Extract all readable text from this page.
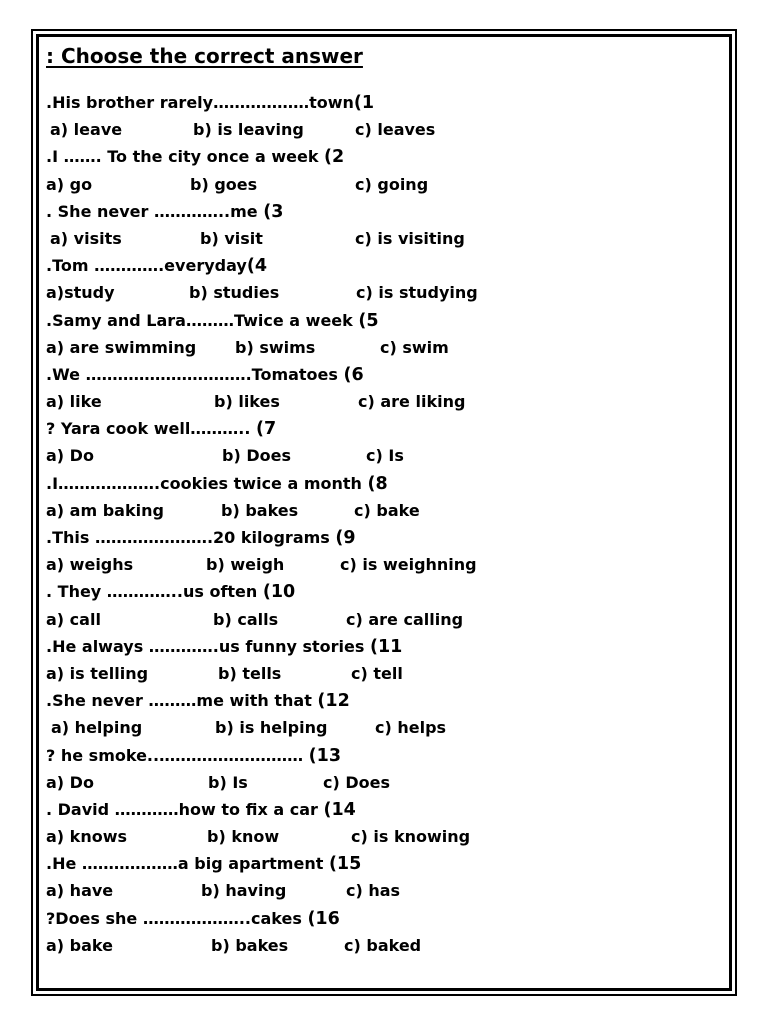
: Choose the correct answer
.His brother rarely………………town(1
a) leave	b) is leaving	c) leaves
.I ……. To the city once a week (2
a) go	b) goes	c) going
. She never …………..me (3
a) visits	b) visit	c) is visiting
.Tom ………….everyday(4
a)study	b) studies	c) is studying
.Samy and Lara………Twice a week (5
a) are swimming b) swims	c) swim
.We ………………………….Tomatoes (6
a) like	b) likes	c) are liking
? Yara cook well……….. (7
a) Do	b) Does	c) Is
.I……………….cookies twice a month (8
a) am baking	b) bakes	c) bake
.This ………………….20 kilograms (9
a) weighs	b) weigh	c) is weighning
. They …………..us often (10
a) call	b) calls	c) are calling
.He always ………….us funny stories (11
a) is telling	b) tells	c) tell
.She never ………me with that (12
a) helping	b) is helping	c) helps
? he smoke..……………………… (13
a) Do	b) Is	c) Does
. David …………how to fix a car (14
a) knows	b) know	c) is knowing
.He ………………a big apartment (15
a) have	b) having	c) has
?Does she ………………..cakes (16
a) bake	b) bakes	c) baked
